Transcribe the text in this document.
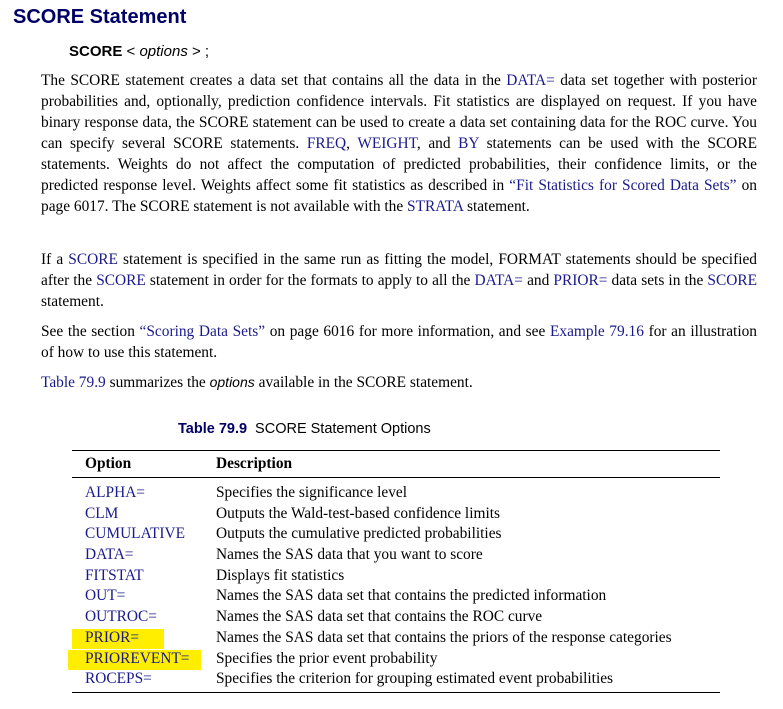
SCORE Statement
SCORE < options > ;

The SCORE statement creates a data set that contains all the data in the DATA= data set together with posterior probabilities and, optionally, prediction confidence intervals. Fit statistics are displayed on request. If you have binary response data, the SCORE statement can be used to create a data set containing data for the ROC curve. You can specify several SCORE statements. FREQ, WEIGHT, and BY statements can be used with the SCORE statements. Weights do not affect the computation of predicted probabilities, their confidence limits, or the predicted response level. Weights affect some fit statistics as described in “Fit Statistics for Scored Data Sets” on page 6017. The SCORE statement is not available with the STRATA statement.

If a SCORE statement is specified in the same run as fitting the model, FORMAT statements should be specified after the SCORE statement in order for the formats to apply to all the DATA= and PRIOR= data sets in the SCORE statement.

See the section “Scoring Data Sets” on page 6016 for more information, and see Example 79.16 for an illustration of how to use this statement.

Table 79.9 summarizes the options available in the SCORE statement.

Table 79.9 SCORE Statement Options
Option	Description
ALPHA=	Specifies the significance level
CLM	Outputs the Wald-test-based confidence limits
CUMULATIVE Outputs the cumulative predicted probabilities
DATA=	Names the SAS data that you want to score
FITSTAT	Displays fit statistics
OUT=	Names the SAS data set that contains the predicted information
OUTROC=	Names the SAS data set that contains the ROC curve
PRIOR=	Names the SAS data set that contains the priors of the response categories
PRIOREVENT= Specifies the prior event probability
ROCEPS=	Specifies the criterion for grouping estimated event probabilities
